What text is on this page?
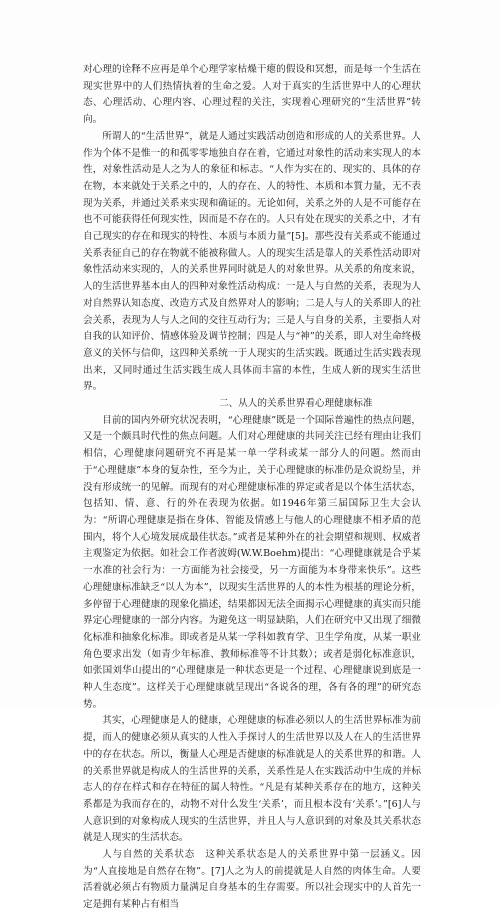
对心理的诠释不应再是单个心理学家枯燥干瘪的假设和冥想，而是每一个生活在现实世界中的人们热情执着的生命之爱。人对于真实的生活世界中人的心理状态、心理活动、心理内容、心理过程的关注，实现着心理研究的“生活世界”转向。

所谓人的“生活世界”，就是人通过实践活动创造和形成的人的关系世界。人作为个体不是惟一的和孤零零地独自存在着，它通过对象性的活动来实现人的本性，对象性活动是人之为人的象征和标志。“人作为实在的、现实的、具体的存在物，本来就处于关系之中的，人的存在、人的特性、本质和本質力量，无不表现为关系，并通过关系来实现和确证的。无论如何，关系之外的人是不可能存在也不可能获得任何现实性，因而是不存在的。人只有处在现实的关系之中，才有自己现实的存在和现实的特性、本质与本质力量”[5]。那些没有关系或不能通过关系表征自己的存在物就不能被称做人。人的现实生活是靠人的关系性活动即对象性活动来实现的，人的关系世界同时就是人的对象世界。从关系的角度来说，人的生活世界基本由人的四种对象性活动构成：一是人与自然的关系，表现为人对自然界认知态度、改造方式及自然界对人的影响；二是人与人的关系即人的社会关系，表现为人与人之间的交往互动行为；三是人与自身的关系，主要指人对自我的认知评价、情感体验及调节控制；四是人与“神”的关系，即人对生命终极意义的关怀与信仰，这四种关系统一于人现实的生活实践。既通过生活实践表现出来，又同时通过生活实践生成人具体而丰富的本性，生成人新的现实生活世界。

二、从人的关系世界看心理健康标准

目前的国内外研究状况表明，“心理健康”既是一个国际普遍性的热点问题，又是一个颇具时代性的焦点问题。人们对心理健康的共同关注已经有理由让我们相信，心理健康问题研究不再是某一单一学科或某一部分人的问题。然而由于“心理健康”本身的复杂性，至今为止，关于心理健康的标准仍是众说纷呈，并没有形成统一的见解。而现有的对心理健康标准的界定或者是以个体生活状态，包括知、情、意、行的外在表现为依据。如1946年第三届国际卫生大会认为：“所谓心理健康是指在身体、智能及情感上与他人的心理健康不相矛盾的范围内，将个人心境发展成最佳状态。”或者是某种外在的社会期望和规则、权威者主观鉴定为依据。如社会工作者波姆(W.W.Boehm)提出：“心理健康就是合乎某一水准的社会行为：一方面能为社会接受，另一方面能为本身带来快乐”。这些心理健康标准缺乏“以人为本”，以现实生活世界的人的本性为根基的理论分析，多停留于心理健康的现象化描述，结果都因无法全面揭示心理健康的真实而只能界定心理健康的一部分内容。为避免这一明显缺陷，人们在研究中又出现了细微化标准和抽象化标准。即或者是从某一学科如教育学、卫生学角度，从某一职业角色要求出发（如青少年标准、教师标准等不计其数）；或者是弱化标准意识，如张国刘华山提出的“心理健康是一种状态更是一个过程、心理健康说到底是一种人生态度”。这样关于心理健康就呈现出“各说各的理，各有各的理”的研究态势。

其实，心理健康是人的健康，心理健康的标准必须以人的生活世界标准为前提，而人的健康必须从真实的人性入手探讨人的生活世界以及人在人的生活世界中的存在状态。所以，衡量人心理是否健康的标准就是人的关系世界的和谐。人的关系世界就是构成人的生活世界的关系，关系性是人在实践活动中生成的并标志人的存在样式和存在特征的属人特性。“凡是有某种关系存在的地方，这种关系都是为我而存在的，动物不对什么发生‘关系’，而且根本没有‘关系’。”[6]人与人意识到的对象构成人现实的生活世界，并且人与人意识到的对象及其关系状态就是人现实的生活状态。

人与自然的关系状态　这种关系状态是人的关系世界中第一层涵义。因为“人直接地是自然存在物”。[7]人之为人的前提就是人自然的肉体生命。人要活着就必须占有物质力量满足自身基本的生存需要。所以社会现实中的人首先一定是拥有某种占有相当
